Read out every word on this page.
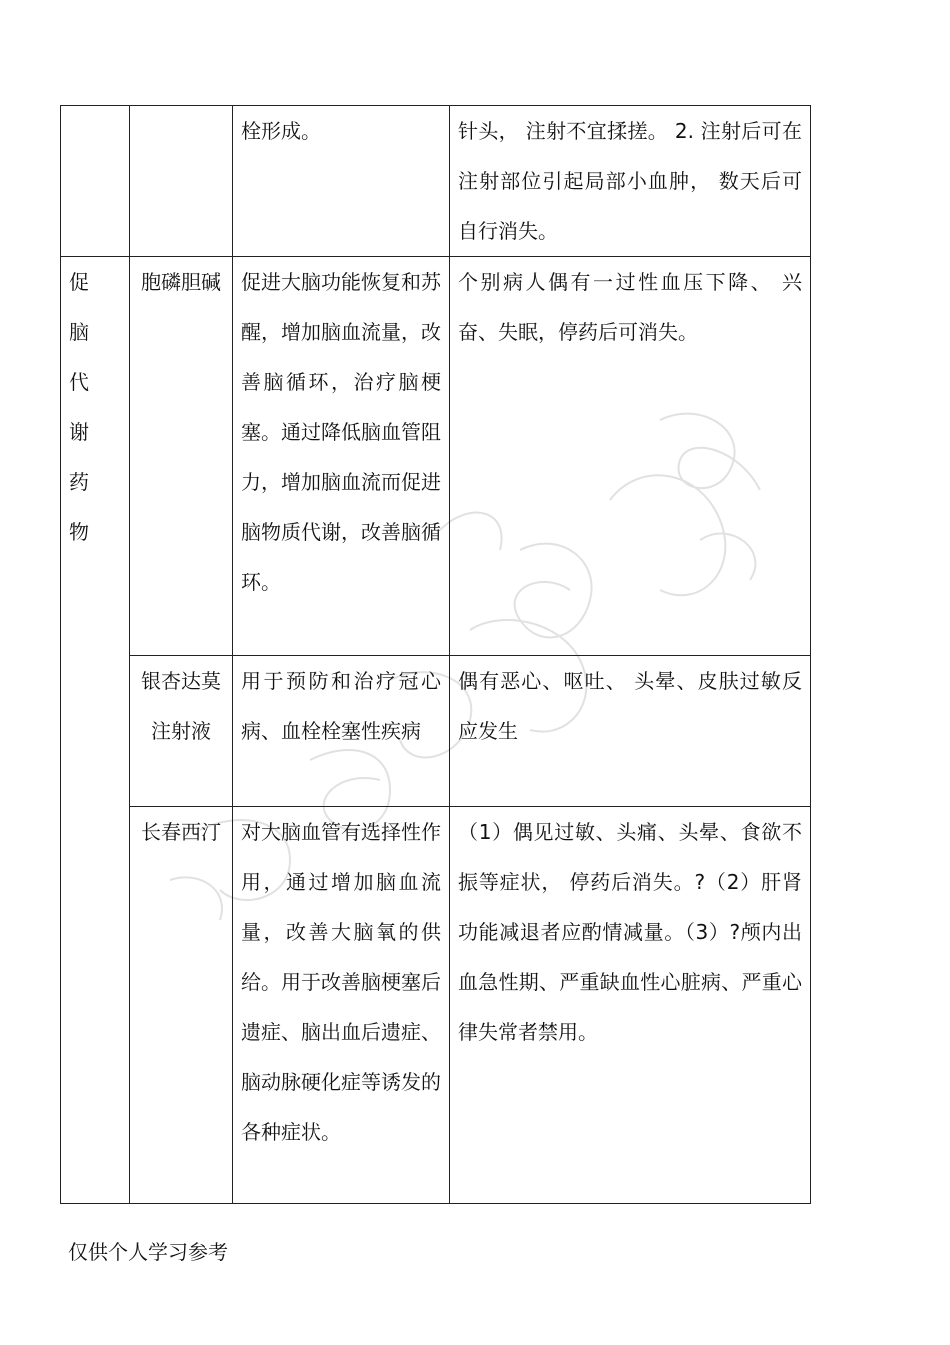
		栓形成。	针头， 注射不宜揉搓。 2. 注射后可在注射部位引起局部小血肿， 数天后可自行消失。

促脑代谢药物	胞磷胆碱	促进大脑功能恢复和苏醒，增加脑血流量，改善脑循环，治疗脑梗塞。通过降低脑血管阻力，增加脑血流而促进脑物质代谢，改善脑循环。	个别病人偶有一过性血压下降、 兴奋、失眠，停药后可消失。
	银杏达莫注射液	用于预防和治疗冠心病、血栓栓塞性疾病	偶有恶心、呕吐、 头晕、皮肤过敏反应发生
	长春西汀	对大脑血管有选择性作用，通过增加脑血流量，改善大脑氧的供给。用于改善脑梗塞后遗症、脑出血后遗症、脑动脉硬化症等诱发的各种症状。	（1）偶见过敏、头痛、头晕、食欲不振等症状， 停药后消失。?（2）肝肾功能减退者应酌情减量。（3）?颅内出血急性期、严重缺血性心脏病、严重心律失常者禁用。
仅供个人学习参考
